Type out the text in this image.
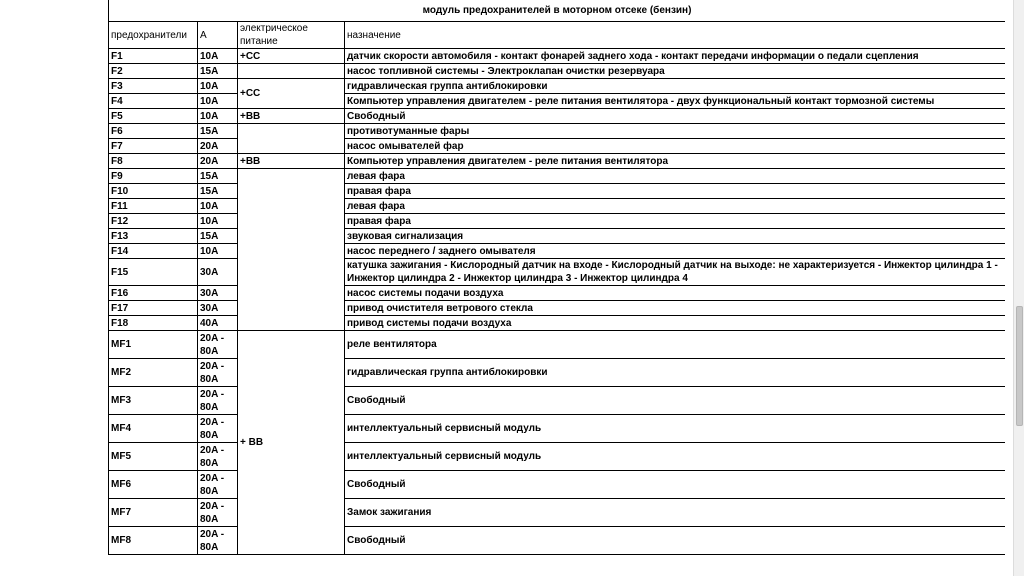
модуль предохранителей в моторном отсеке (бензин)			
предохранители	A	электрическое питание	назначение
F1	10A	+CC	датчик скорости автомобиля - контакт фонарей заднего хода - контакт передачи информации о педали сцепления
F2	15A		насос топливной системы - Электроклапан очистки резервуара
F3	10A	+CC	гидравлическая группа антиблокировки
F4	10A		Компьютер управления двигателем - реле питания вентилятора - двух функциональный контакт тормозной системы
F5	10A	+BB	Свободный
F6	15A		противотуманные фары
F7	20A		насос омывателей фар
F8	20A	+BB	Компьютер управления двигателем - реле питания вентилятора
F9	15A		левая фара
F10	15A		правая фара
F11	10A		левая фара
F12	10A		правая фара
F13	15A		звуковая сигнализация
F14	10A		насос переднего / заднего омывателя
F15	30A		катушка зажигания - Кислородный датчик на входе - Кислородный датчик на выходе: не характеризуется - Инжектор цилиндра 1 - Инжектор цилиндра 2 - Инжектор цилиндра 3 - Инжектор цилиндра 4
F16	30A		насос системы подачи воздуха
F17	30A		привод очистителя ветрового стекла
F18	40A		привод системы подачи воздуха
MF1	20A - 80A	+ BB	реле вентилятора
MF2	20A - 80A		гидравлическая группа антиблокировки
MF3	20A - 80A		Свободный
MF4	20A - 80A		интеллектуальный сервисный модуль
MF5	20A - 80A		интеллектуальный сервисный модуль
MF6	20A - 80A		Свободный
MF7	20A - 80A		Замок зажигания
MF8	20A - 80A		Свободный
